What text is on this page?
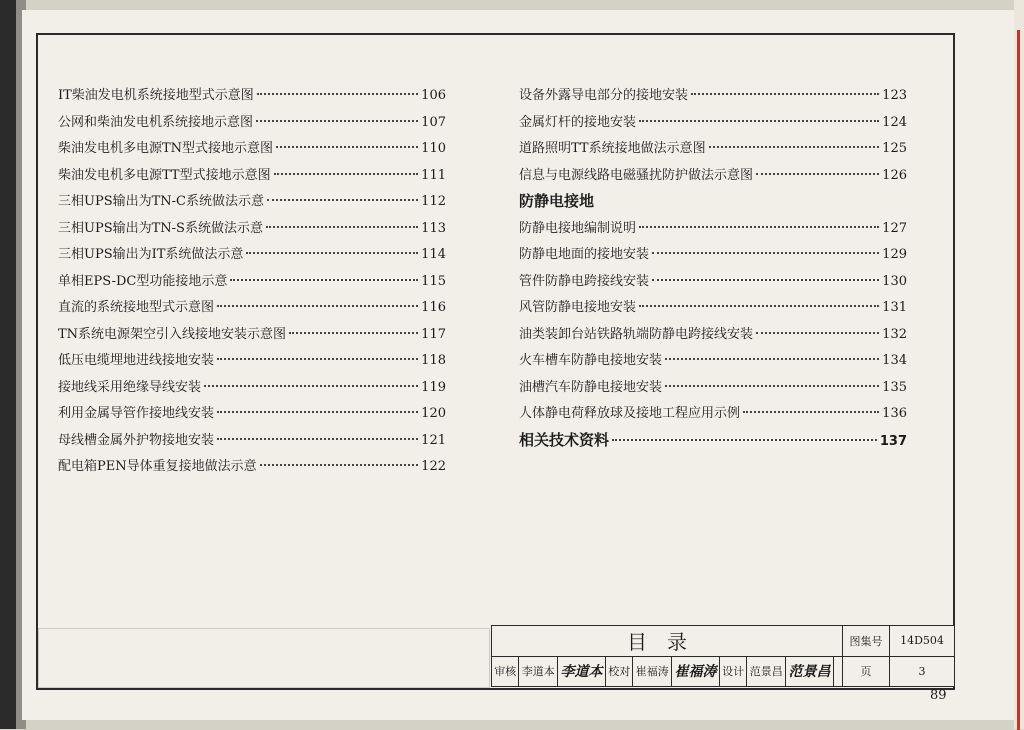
IT柴油发电机系统接地型式示意图	106
公网和柴油发电机系统接地示意图	107
柴油发电机多电源TN型式接地示意图	110
柴油发电机多电源TT型式接地示意图	111
三相UPS输出为TN-C系统做法示意	112
三相UPS输出为TN-S系统做法示意	113
三相UPS输出为IT系统做法示意	114
单相EPS-DC型功能接地示意	115
直流的系统接地型式示意图	116
TN系统电源架空引入线接地安装示意图	117
低压电缆埋地进线接地安装	118
接地线采用绝缘导线安装	119
利用金属导管作接地线安装	120
母线槽金属外护物接地安装	121
配电箱PEN导体重复接地做法示意	122
设备外露导电部分的接地安装	123
金属灯杆的接地安装	124
道路照明TT系统接地做法示意图	125
信息与电源线路电磁骚扰防护做法示意图	126
防静电接地
防静电接地编制说明	127
防静电地面的接地安装	129
管件防静电跨接线安装	130
风管防静电接地安装	131
油类装卸台站铁路轨端防静电跨接线安装	132
火车槽车防静电接地安装	134
油槽汽车防静电接地安装	135
人体静电荷释放球及接地工程应用示例	136
相关技术资料	137
目录										图集号	14D504
审核	李道本	李道本	校对	崔福涛	崔福涛	设计	范景昌	范景昌		页	3
89
